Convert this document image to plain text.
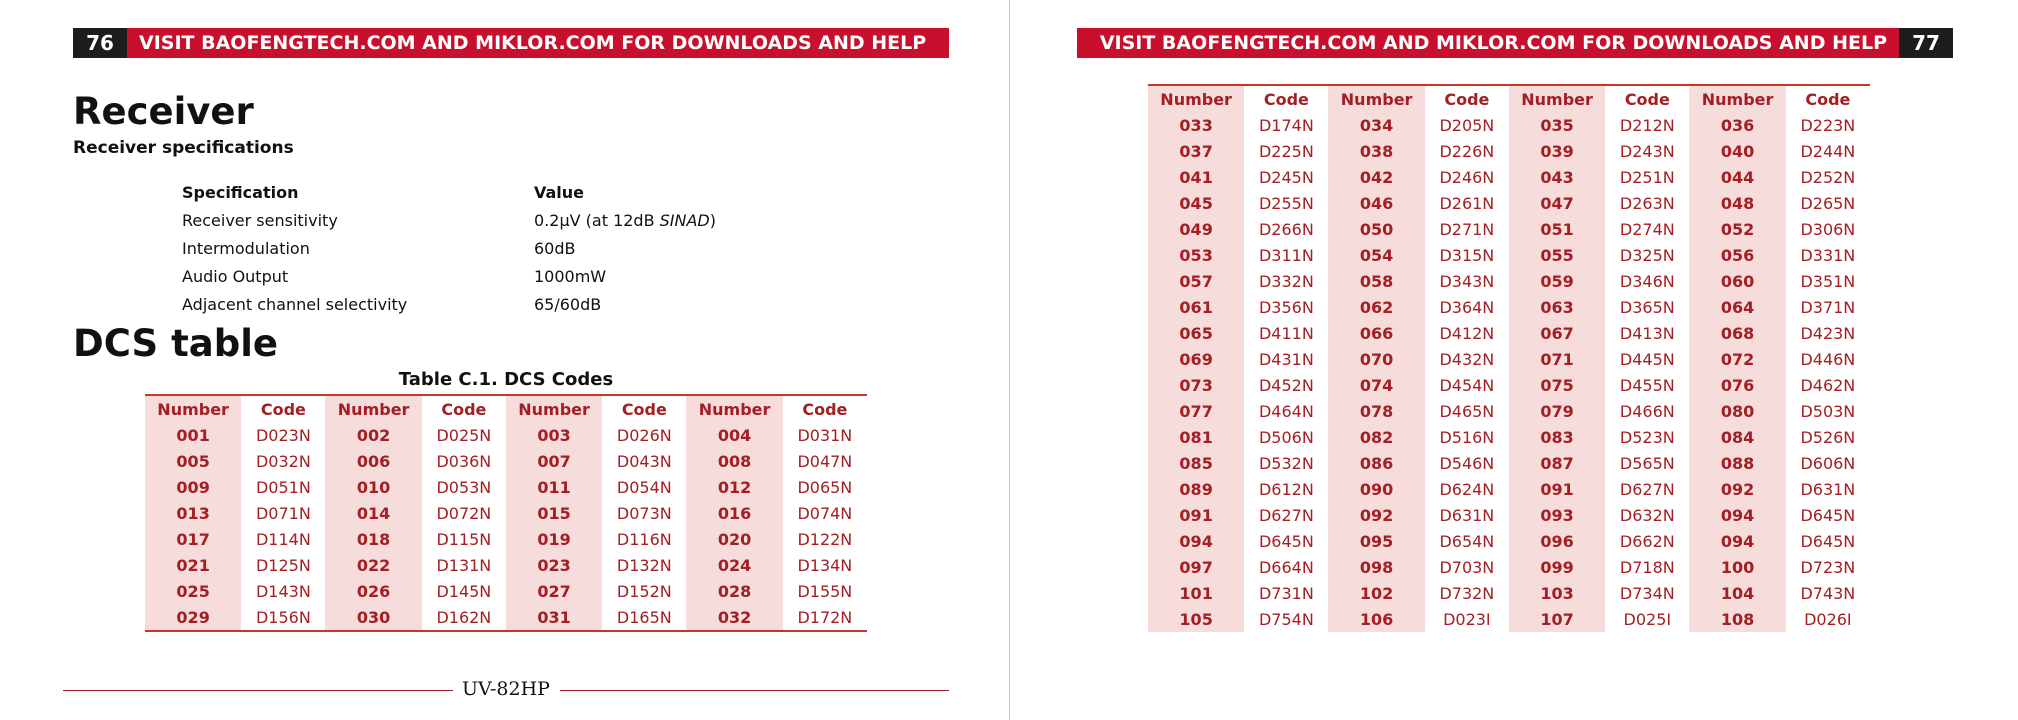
76	VISIT BAOFENGTECH.COM AND MIKLOR.COM FOR DOWNLOADS AND HELP
Receiver
Receiver specifications
Specification	Value
Receiver sensitivity	0.2µV (at 12dB SINAD)
Intermodulation	60dB
Audio Output	1000mW
Adjacent channel selectivity	65/60dB
DCS table
Table C.1. DCS Codes
Number	Code	Number	Code	Number	Code	Number	Code
001	D023N	002	D025N	003	D026N	004	D031N
005	D032N	006	D036N	007	D043N	008	D047N
009	D051N	010	D053N	011	D054N	012	D065N
013	D071N	014	D072N	015	D073N	016	D074N
017	D114N	018	D115N	019	D116N	020	D122N
021	D125N	022	D131N	023	D132N	024	D134N
025	D143N	026	D145N	027	D152N	028	D155N
029	D156N	030	D162N	031	D165N	032	D172N
UV-82HP
VISIT BAOFENGTECH.COM AND MIKLOR.COM FOR DOWNLOADS AND HELP	77
Number	Code	Number	Code	Number	Code	Number	Code
033	D174N	034	D205N	035	D212N	036	D223N
037	D225N	038	D226N	039	D243N	040	D244N
041	D245N	042	D246N	043	D251N	044	D252N
045	D255N	046	D261N	047	D263N	048	D265N
049	D266N	050	D271N	051	D274N	052	D306N
053	D311N	054	D315N	055	D325N	056	D331N
057	D332N	058	D343N	059	D346N	060	D351N
061	D356N	062	D364N	063	D365N	064	D371N
065	D411N	066	D412N	067	D413N	068	D423N
069	D431N	070	D432N	071	D445N	072	D446N
073	D452N	074	D454N	075	D455N	076	D462N
077	D464N	078	D465N	079	D466N	080	D503N
081	D506N	082	D516N	083	D523N	084	D526N
085	D532N	086	D546N	087	D565N	088	D606N
089	D612N	090	D624N	091	D627N	092	D631N
091	D627N	092	D631N	093	D632N	094	D645N
094	D645N	095	D654N	096	D662N	094	D645N
097	D664N	098	D703N	099	D718N	100	D723N
101	D731N	102	D732N	103	D734N	104	D743N
105	D754N	106	D023I	107	D025I	108	D026I
